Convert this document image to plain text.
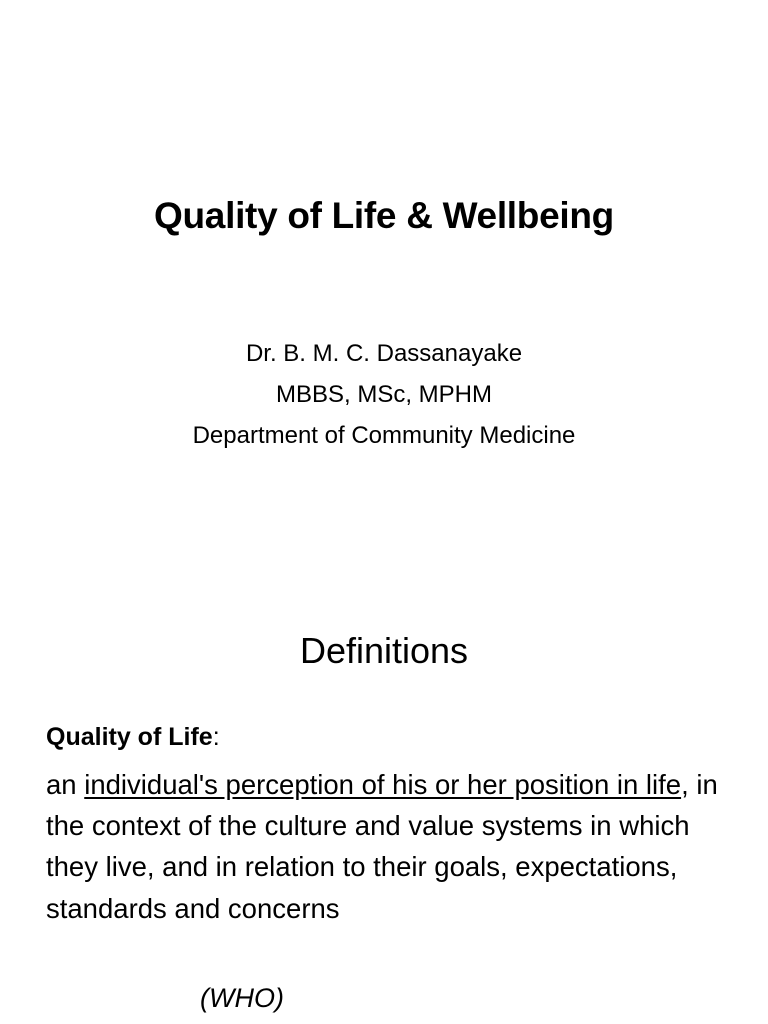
Quality of Life & Wellbeing
Dr. B. M. C. Dassanayake
MBBS, MSc, MPHM
Department of Community Medicine
Definitions
Quality of Life:
an individual's perception of his or her position in life, in the context of the culture and value systems in which they live, and in relation to their goals, expectations, standards and concerns
(WHO)
